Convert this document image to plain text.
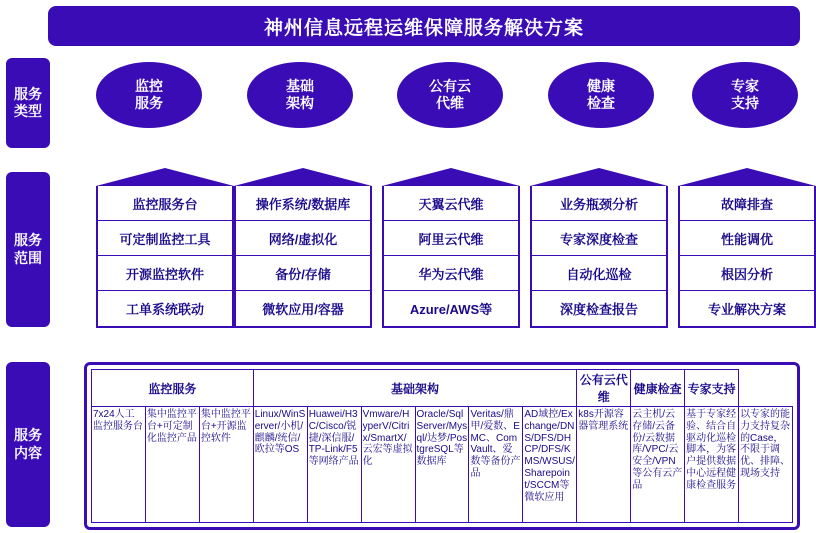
神州信息远程运维保障服务解决方案
服务
类型
服务
范围
服务
内容
监控
服务
监控服务台
可定制监控工具
开源监控软件
工单系统联动
基础
架构
操作系统/数据库
网络/虚拟化
备份/存储
微软应用/容器
公有云
代维
天翼云代维
阿里云代维
华为云代维
Azure/AWS等
健康
检查
业务瓶颈分析
专家深度检查
自动化巡检
深度检查报告
专家
支持
故障排查
性能调优
根因分析
专业解决方案
监控服务			基础架构						公有云代维	健康检查	专家支持	
7x24人工监控服务台	集中监控平台+可定制化监控产品	集中监控平台+开源监控软件	Linux/WinServer/小机/麒麟/统信/欧拉等OS	Huawei/H3C/Cisco/锐捷/深信服/TP-Link/F5等网络产品	Vmware/HyperV/Citrix/SmartX/云宏等虚拟化	Oracle/SqlServer/Mysql/达梦/PostgreSQL等数据库	Veritas/鼎甲/爱数、EMC、ComVault、爱数等备份产品	AD域控/Exchange/DNS/DFS/DHCP/DFS/KMS/WSUS/Sharepoint/SCCM等微软应用	k8s开源容器管理系统	云主机/云存储/云备份/云数据库/VPC/云安全/VPN等公有云产品	基于专家经验、结合自驱动化巡检脚本，为客户提供数据中心远程健康检查服务	以专家的能力支持复杂的Case，不限于调优、排障、现场支持
